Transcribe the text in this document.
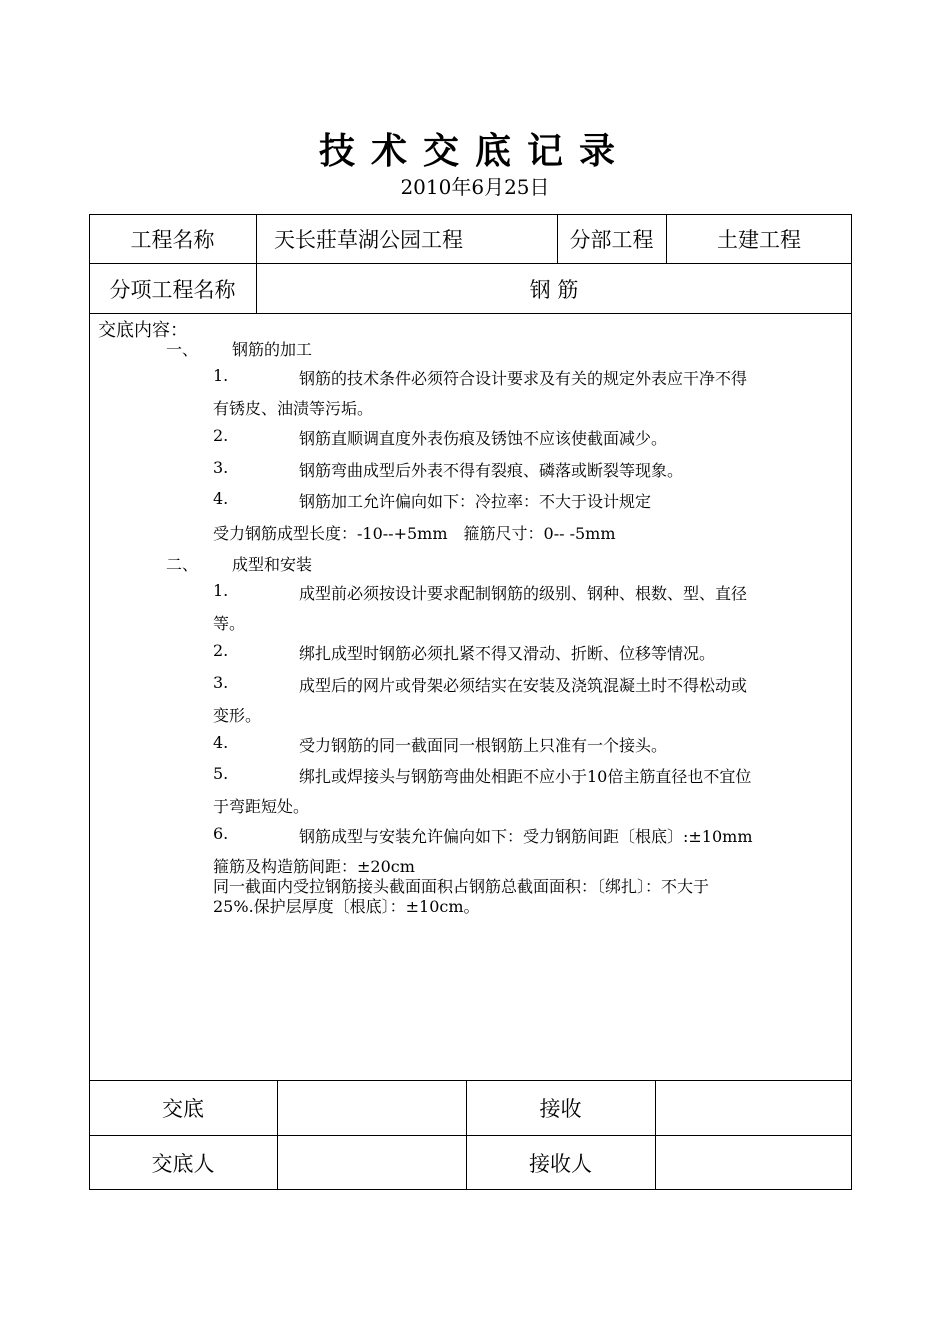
技术交底记录
2010年6月25日
工程名称	天长莊草湖公园工程	分部工程	土建工程
分项工程名称	钢 筋
交底内容：
一、 钢筋的加工
1.	钢筋的技术条件必须符合设计要求及有关的规定外表应干净不得
有锈皮、油渍等污垢。
2.	钢筋直顺调直度外表伤痕及锈蚀不应该使截面减少。
3.	钢筋弯曲成型后外表不得有裂痕、磷落或断裂等现象。
4.	钢筋加工允许偏向如下：冷拉率：不大于设计规定
受力钢筋成型长度：-10--+5mm　箍筋尺寸：0-- -5mm
二、 成型和安装
1.	成型前必须按设计要求配制钢筋的级别、钢种、根数、型、直径
等。
2.	绑扎成型时钢筋必须扎紧不得又滑动、折断、位移等情况。
3.	成型后的网片或骨架必须结实在安装及浇筑混凝土时不得松动或
变形。
4.	受力钢筋的同一截面同一根钢筋上只准有一个接头。
5.	绑扎或焊接头与钢筋弯曲处相距不应小于10倍主筋直径也不宜位
于弯距短处。
6.	钢筋成型与安装允许偏向如下：受力钢筋间距〔根底〕:±10mm
箍筋及构造筋间距：±20cm
同一截面内受拉钢筋接头截面面积占钢筋总截面面积：〔绑扎〕：不大于
25%.保护层厚度〔根底〕：±10cm。
交底	接收
交底人	接收人
